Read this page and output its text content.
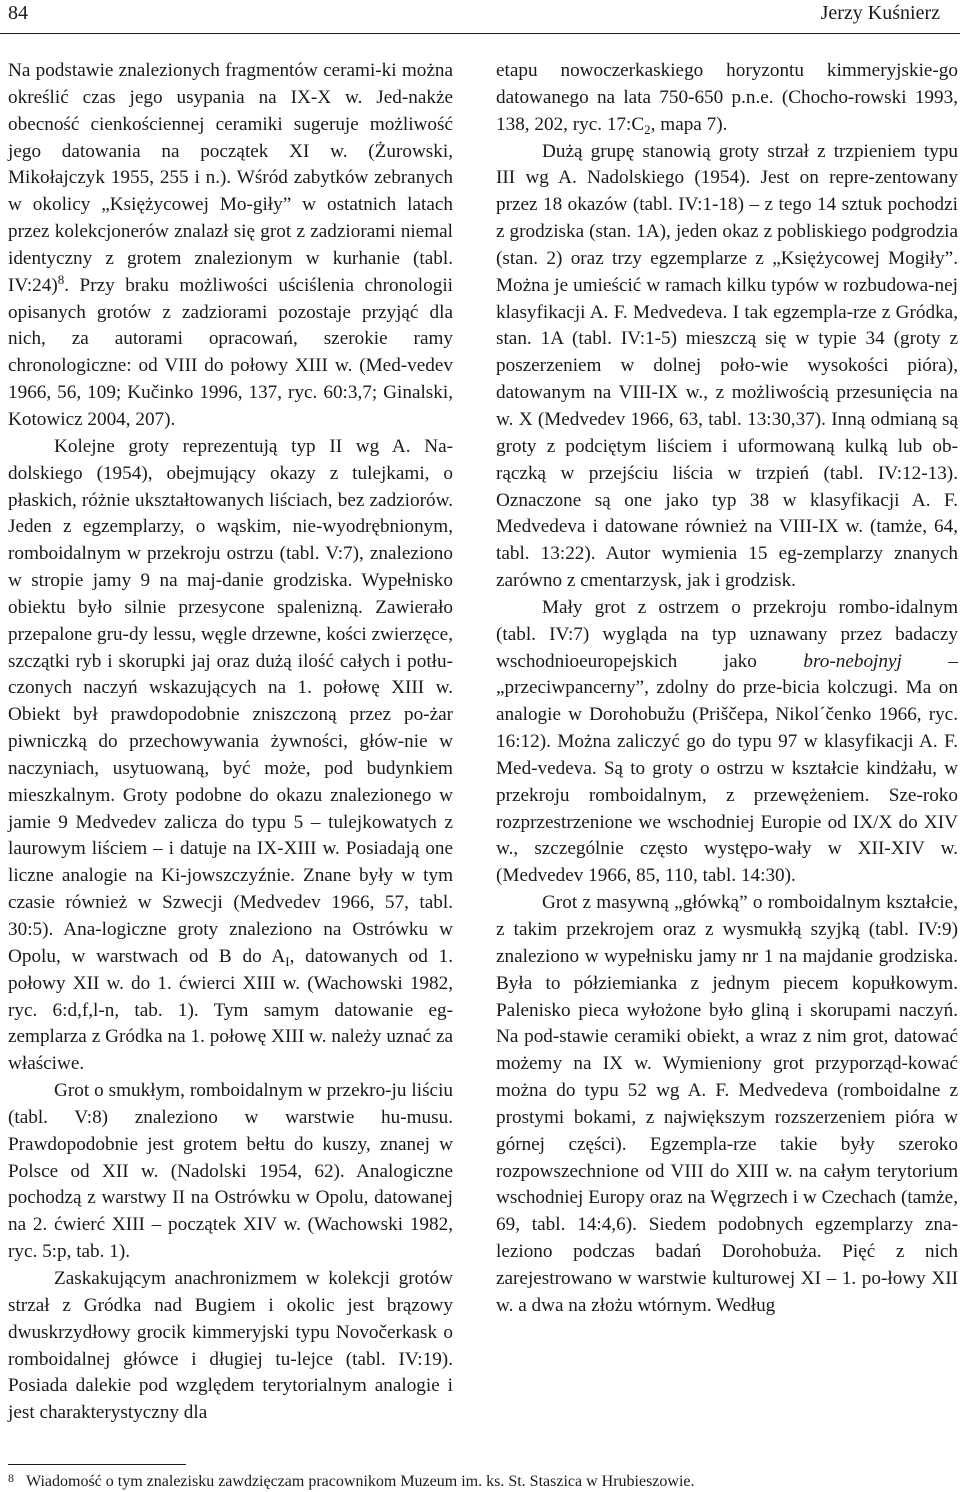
84	Jerzy Kuśnierz

Na podstawie znalezionych fragmentów cerami-ki można określić czas jego usypania na IX-X w. Jed-nakże obecność cienkościennej ceramiki sugeruje możliwość jego datowania na początek XI w. (Żurowski, Mikołajczyk 1955, 255 i n.). Wśród zabytków zebranych w okolicy „Księżycowej Mo-giły” w ostatnich latach przez kolekcjonerów znalazł się grot z zadziorami niemal identyczny z grotem znalezionym w kurhanie (tabl. IV:24)$^8$. Przy braku możliwości uściślenia chronologii opisanych grotów z zadziorami pozostaje przyjąć dla nich, za autorami opracowań, szerokie ramy chronologiczne: od VIII do połowy XIII w. (Med-vedev 1966, 56, 109; Kučinko 1996, 137, ryc. 60:3,7; Ginalski, Kotowicz 2004, 207).

Kolejne groty reprezentują typ II wg A. Na-dolskiego (1954), obejmujący okazy z tulejkami, o płaskich, różnie ukształtowanych liściach, bez zadziorów. Jeden z egzemplarzy, o wąskim, nie-wyodrębnionym, romboidalnym w przekroju ostrzu (tabl. V:7), znaleziono w stropie jamy 9 na maj-danie grodziska. Wypełnisko obiektu było silnie przesycone spalenizną. Zawierało przepalone gru-dy lessu, węgle drzewne, kości zwierzęce, szczątki ryb i skorupki jaj oraz dużą ilość całych i potłu-czonych naczyń wskazujących na 1. połowę XIII w. Obiekt był prawdopodobnie zniszczoną przez po-żar piwniczką do przechowywania żywności, głów-nie w naczyniach, usytuowaną, być może, pod budynkiem mieszkalnym. Groty podobne do okazu znalezionego w jamie 9 Medvedev zalicza do typu 5 – tulejkowatych z laurowym liściem – i datuje na IX-XIII w. Posiadają one liczne analogie na Ki-jowszczyźnie. Znane były w tym czasie również w Szwecji (Medvedev 1966, 57, tabl. 30:5). Ana-logiczne groty znaleziono na Ostrówku w Opolu, w warstwach od B do $A_I$, datowanych od 1. połowy XII w. do 1. ćwierci XIII w. (Wachowski 1982, ryc. 6:d,f,l-n, tab. 1). Tym samym datowanie eg-zemplarza z Gródka na 1. połowę XIII w. należy uznać za właściwe.

Grot o smukłym, romboidalnym w przekro-ju liściu (tabl. V:8) znaleziono w warstwie hu-musu. Prawdopodobnie jest grotem bełtu do kuszy, znanej w Polsce od XII w. (Nadolski 1954, 62). Analogiczne pochodzą z warstwy II na Ostrówku w Opolu, datowanej na 2. ćwierć XIII – początek XIV w. (Wachowski 1982, ryc. 5:p, tab. 1).

Zaskakującym anachronizmem w kolekcji grotów strzał z Gródka nad Bugiem i okolic jest brązowy dwuskrzydłowy grocik kimmeryjski typu Novočerkask o romboidalnej główce i długiej tu-lejce (tabl. IV:19). Posiada dalekie pod względem terytorialnym analogie i jest charakterystyczny dla

etapu nowoczerkaskiego horyzontu kimmeryjskie-go datowanego na lata 750-650 p.n.e. (Chocho-rowski 1993, 138, 202, ryc. $17:C_2$, mapa 7).

Dużą grupę stanowią groty strzał z trzpieniem typu III wg A. Nadolskiego (1954). Jest on repre-zentowany przez 18 okazów (tabl. IV:1-18) – z tego 14 sztuk pochodzi z grodziska (stan. 1A), jeden okaz z pobliskiego podgrodzia (stan. 2) oraz trzy egzemplarze z „Księżycowej Mogiły”. Można je umieścić w ramach kilku typów w rozbudowa-nej klasyfikacji A. F. Medvedeva. I tak egzempla-rze z Gródka, stan. 1A (tabl. IV:1-5) mieszczą się w typie 34 (groty z poszerzeniem w dolnej poło-wie wysokości pióra), datowanym na VIII-IX w., z możliwością przesunięcia na w. X (Medvedev 1966, 63, tabl. 13:30,37). Inną odmianą są groty z podciętym liściem i uformowaną kulką lub ob-rączką w przejściu liścia w trzpień (tabl. IV:12-13). Oznaczone są one jako typ 38 w klasyfikacji A. F. Medvedeva i datowane również na VIII-IX w. (tamże, 64, tabl. 13:22). Autor wymienia 15 eg-zemplarzy znanych zarówno z cmentarzysk, jak i grodzisk.

Mały grot z ostrzem o przekroju rombo-idalnym (tabl. IV:7) wygląda na typ uznawany przez badaczy wschodnioeuropejskich jako bro-nebojnyj – „przeciwpancerny”, zdolny do prze-bicia kolczugi. Ma on analogie w Dorohobužu (Priščepa, Nikol´čenko 1966, ryc. 16:12). Można zaliczyć go do typu 97 w klasyfikacji A. F. Med-vedeva. Są to groty o ostrzu w kształcie kindżału, w przekroju romboidalnym, z przewężeniem. Sze-roko rozprzestrzenione we wschodniej Europie od IX/X do XIV w., szczególnie często występo-wały w XII-XIV w. (Medvedev 1966, 85, 110, tabl. 14:30).

Grot z masywną „główką” o romboidalnym kształcie, z takim przekrojem oraz z wysmukłą szyjką (tabl. IV:9) znaleziono w wypełnisku jamy nr 1 na majdanie grodziska. Była to półziemianka z jednym piecem kopułkowym. Palenisko pieca wyłożone było gliną i skorupami naczyń. Na pod-stawie ceramiki obiekt, a wraz z nim grot, datować możemy na IX w. Wymieniony grot przyporząd-kować można do typu 52 wg A. F. Medvedeva (romboidalne z prostymi bokami, z największym rozszerzeniem pióra w górnej części). Egzempla-rze takie były szeroko rozpowszechnione od VIII do XIII w. na całym terytorium wschodniej Europy oraz na Węgrzech i w Czechach (tamże, 69, tabl. 14:4,6). Siedem podobnych egzemplarzy zna-leziono podczas badań Dorohobuża. Pięć z nich zarejestrowano w warstwie kulturowej XI – 1. po-łowy XII w. a dwa na złożu wtórnym. Według

$^8$ Wiadomość o tym znalezisku zawdzięczam pracownikom Muzeum im. ks. St. Staszica w Hrubieszowie.
